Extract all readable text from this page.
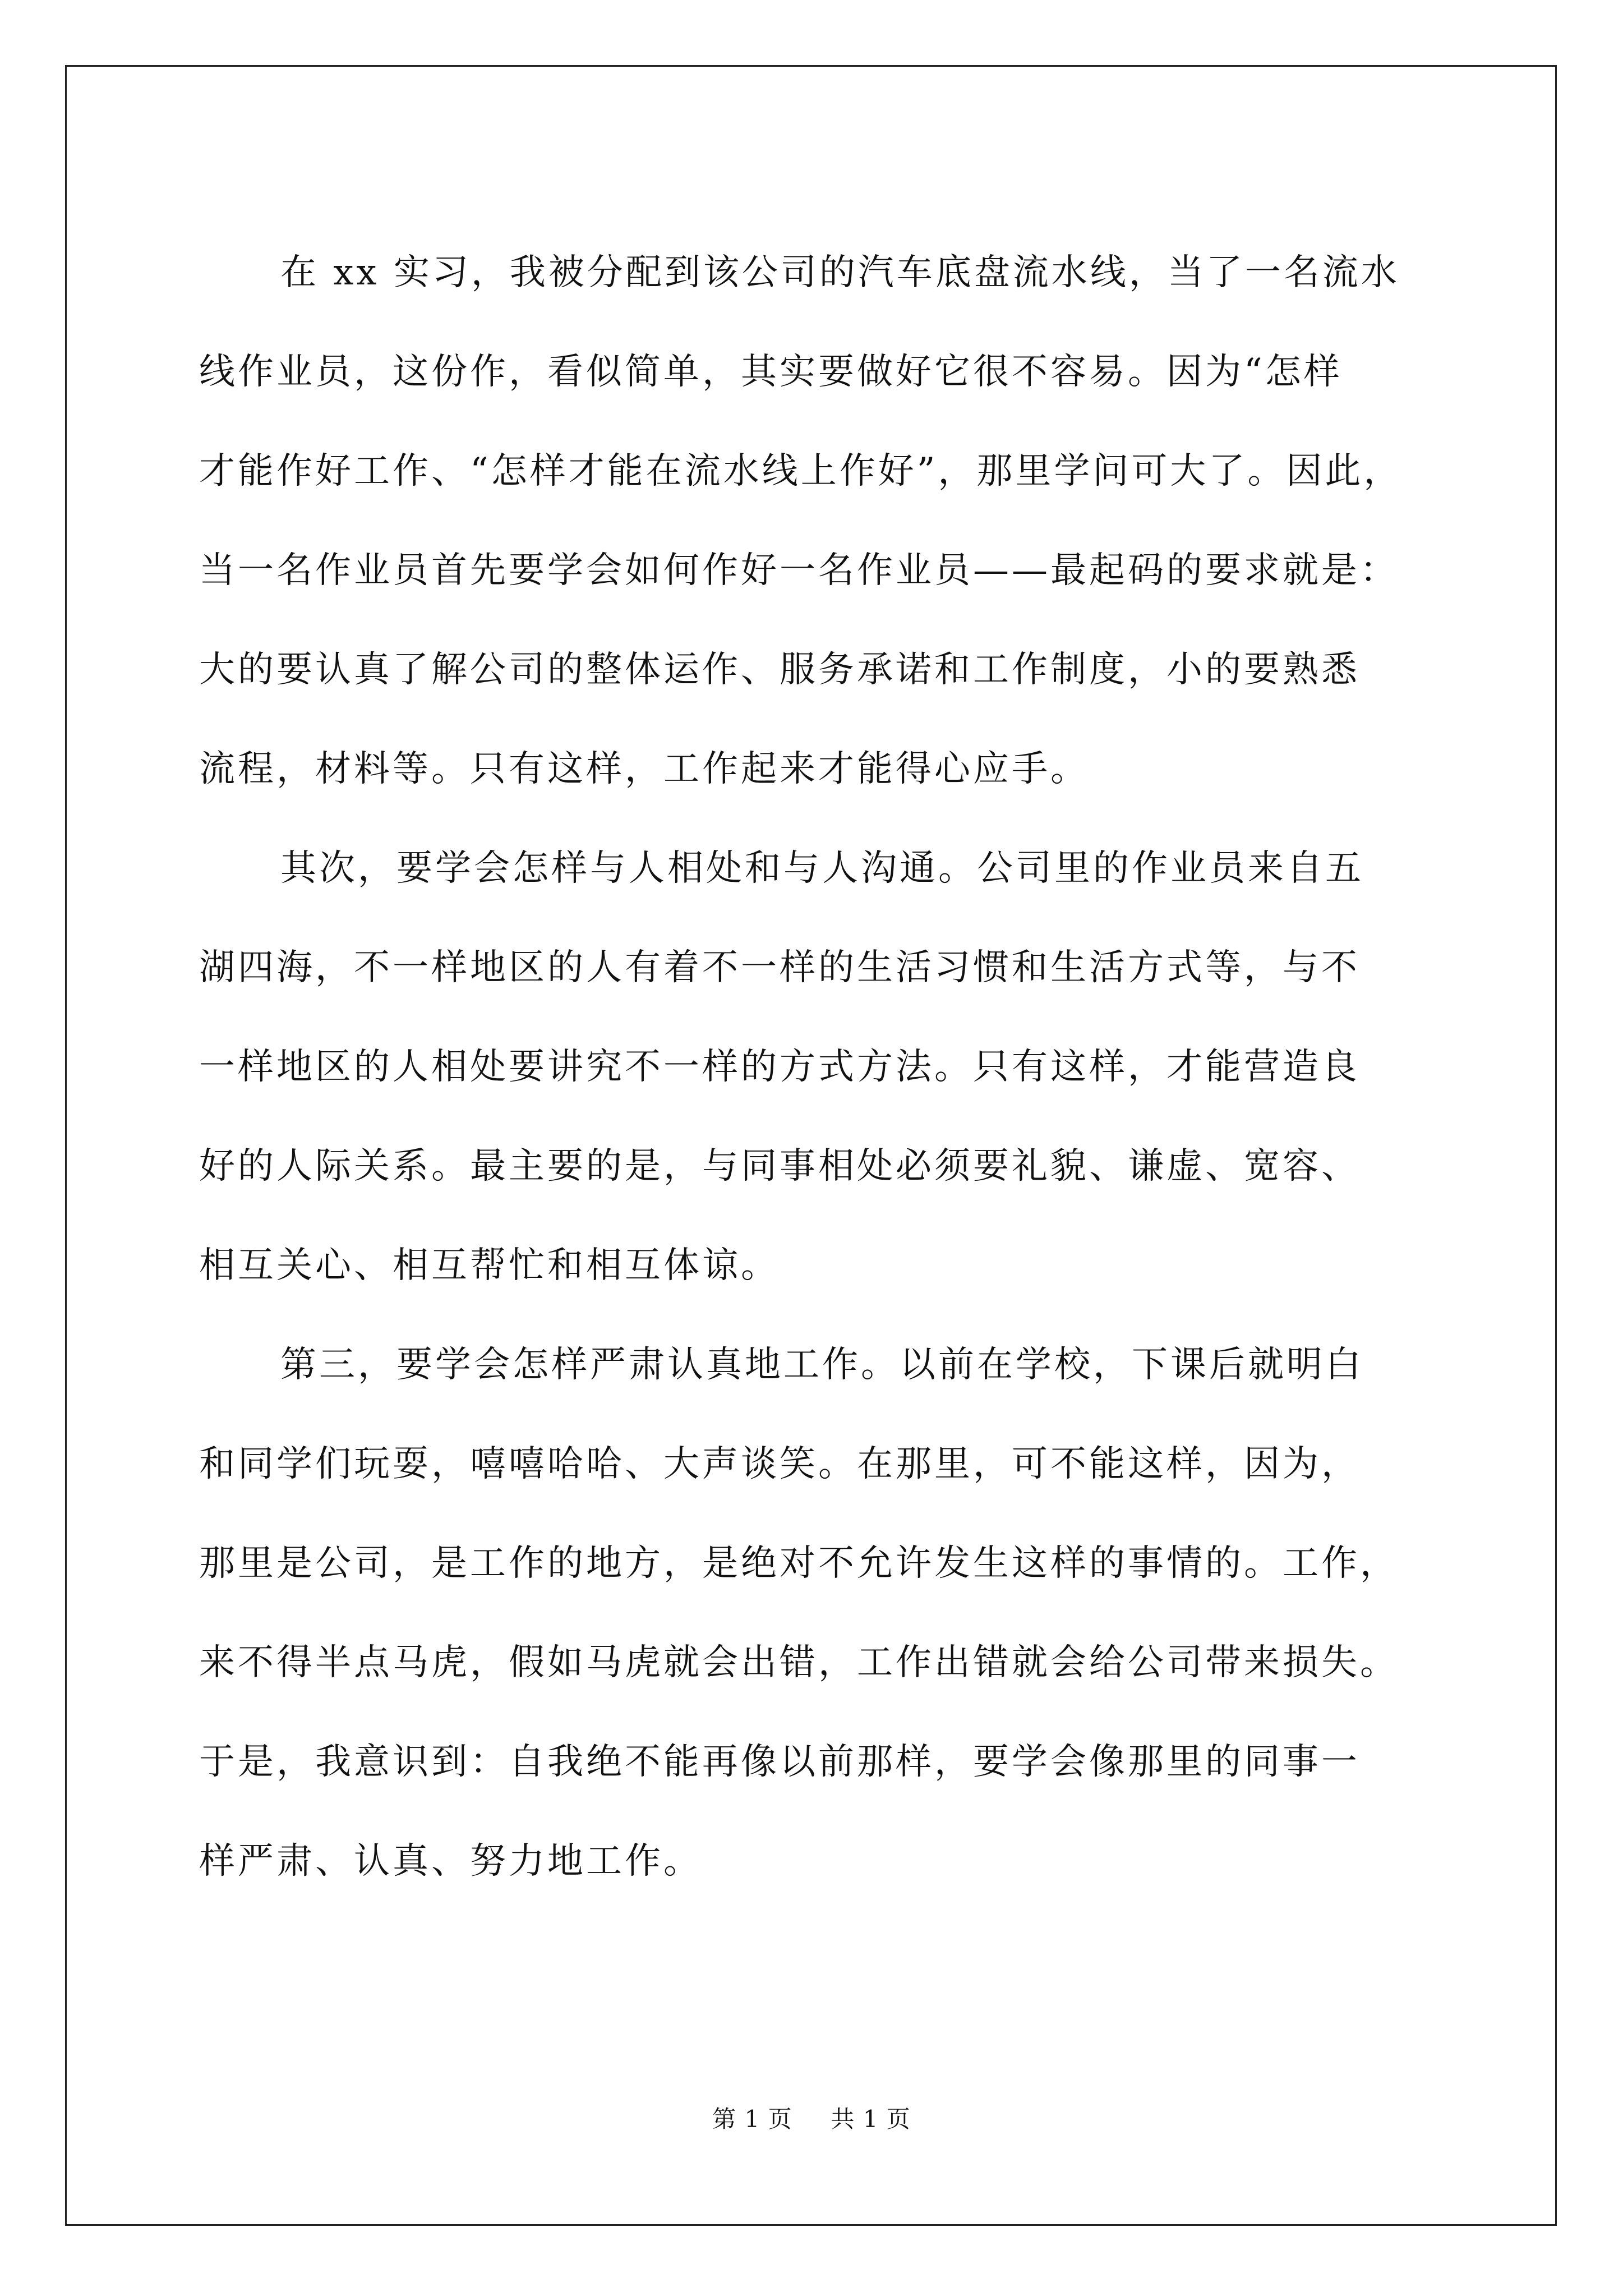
在 xx 实习，我被分配到该公司的汽车底盘流水线，当了一名流水
线作业员，这份作，看似简单，其实要做好它很不容易。因为“怎样
才能作好工作、“怎样才能在流水线上作好”，那里学问可大了。因此，
当一名作业员首先要学会如何作好一名作业员——最起码的要求就是：
大的要认真了解公司的整体运作、服务承诺和工作制度，小的要熟悉
流程，材料等。只有这样，工作起来才能得心应手。
其次，要学会怎样与人相处和与人沟通。公司里的作业员来自五
湖四海，不一样地区的人有着不一样的生活习惯和生活方式等，与不
一样地区的人相处要讲究不一样的方式方法。只有这样，才能营造良
好的人际关系。最主要的是，与同事相处必须要礼貌、谦虚、宽容、
相互关心、相互帮忙和相互体谅。
第三，要学会怎样严肃认真地工作。以前在学校，下课后就明白
和同学们玩耍，嘻嘻哈哈、大声谈笑。在那里，可不能这样，因为，
那里是公司，是工作的地方，是绝对不允许发生这样的事情的。工作，
来不得半点马虎，假如马虎就会出错，工作出错就会给公司带来损失。
于是，我意识到：自我绝不能再像以前那样，要学会像那里的同事一
样严肃、认真、努力地工作。
第 1 页 共 1 页
